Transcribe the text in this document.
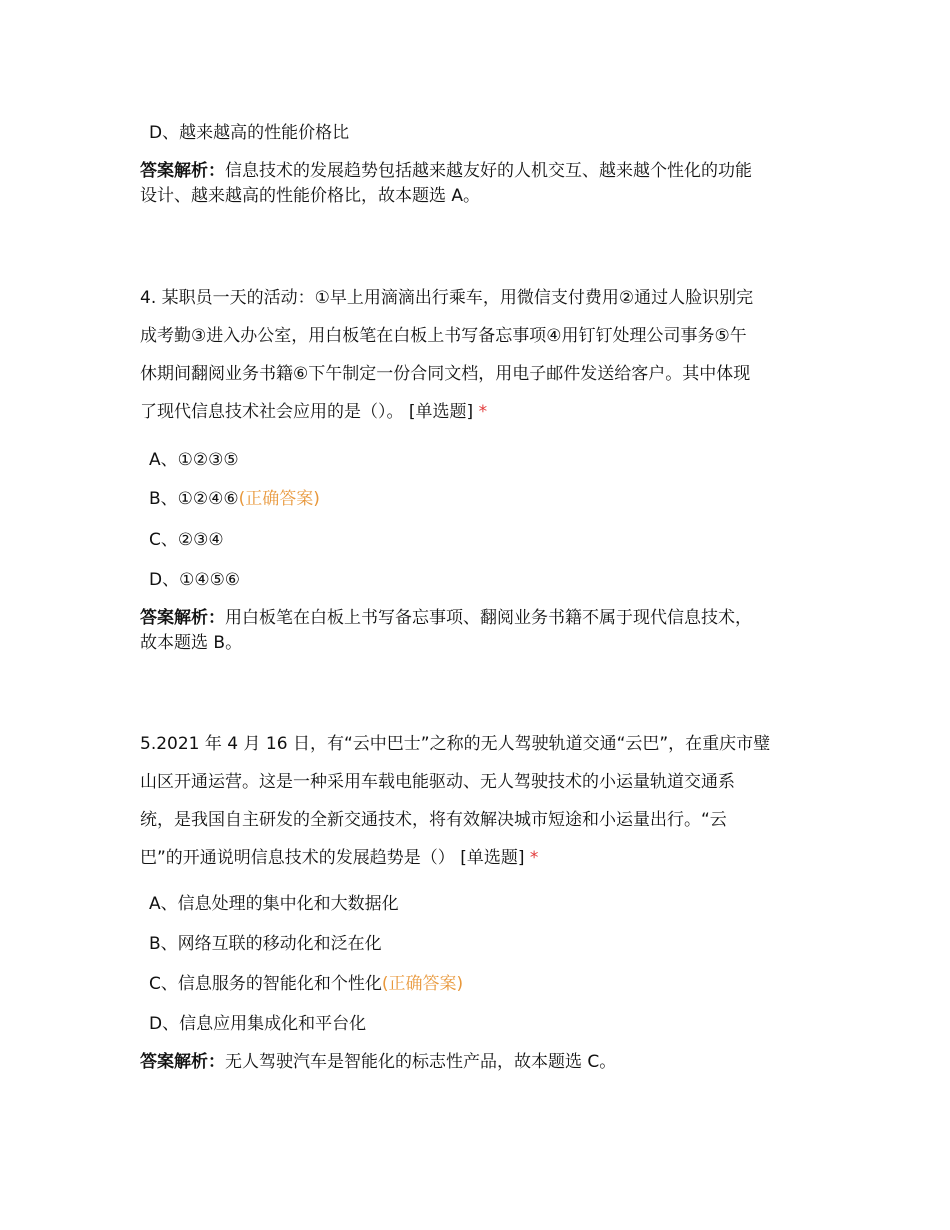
D、越来越高的性能价格比
答案解析：信息技术的发展趋势包括越来越友好的人机交互、越来越个性化的功能
设计、越来越高的性能价格比，故本题选 A。
4. 某职员一天的活动：①早上用滴滴出行乘车，用微信支付费用②通过人脸识别完
成考勤③进入办公室，用白板笔在白板上书写备忘事项④用钉钉处理公司事务⑤午
休期间翻阅业务书籍⑥下午制定一份合同文档，用电子邮件发送给客户。其中体现
了现代信息技术社会应用的是（）。 [单选题] *
A、①②③⑤
B、①②④⑥(正确答案)
C、②③④
D、①④⑤⑥
答案解析：用白板笔在白板上书写备忘事项、翻阅业务书籍不属于现代信息技术，
故本题选 B。
5.2021 年 4 月 16 日，有“云中巴士”之称的无人驾驶轨道交通“云巴”，在重庆市璧
山区开通运营。这是一种采用车载电能驱动、无人驾驶技术的小运量轨道交通系
统，是我国自主研发的全新交通技术，将有效解决城市短途和小运量出行。“云
巴”的开通说明信息技术的发展趋势是（） [单选题] *
A、信息处理的集中化和大数据化
B、网络互联的移动化和泛在化
C、信息服务的智能化和个性化(正确答案)
D、信息应用集成化和平台化
答案解析：无人驾驶汽车是智能化的标志性产品，故本题选 C。
